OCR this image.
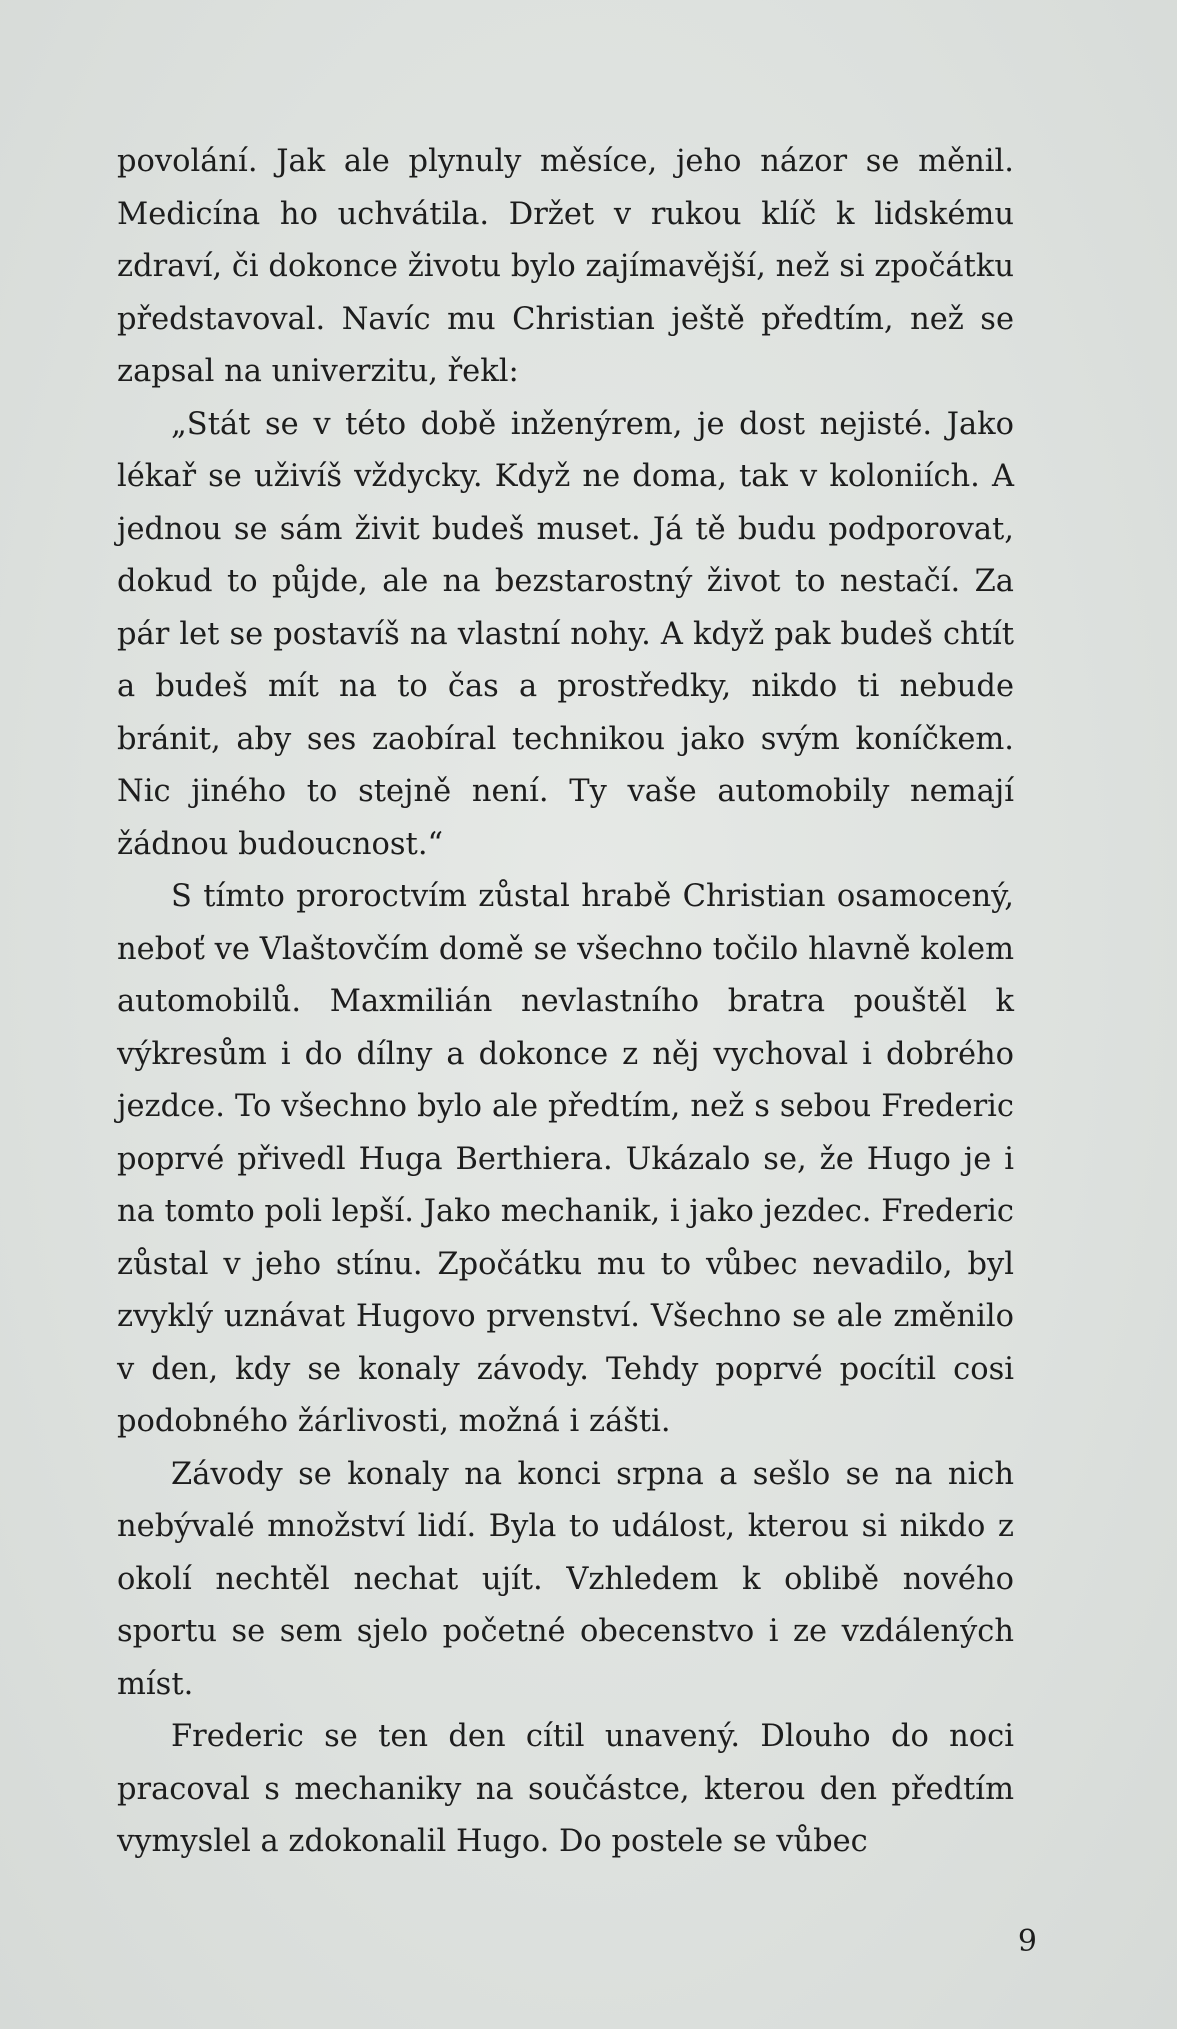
povolání. Jak ale plynuly měsíce, jeho názor se měnil. Medicína ho uchvátila. Držet v rukou klíč k lidskému zdraví, či dokonce životu bylo zajímavější, než si zpočátku představoval. Navíc mu Christian ještě předtím, než se zapsal na univerzitu, řekl:

„Stát se v této době inženýrem, je dost nejisté. Jako lékař se uživíš vždycky. Když ne doma, tak v koloniích. A jednou se sám živit budeš muset. Já tě budu podporovat, dokud to půjde, ale na bezstarostný život to nestačí. Za pár let se postavíš na vlastní nohy. A když pak budeš chtít a budeš mít na to čas a prostředky, nikdo ti nebude bránit, aby ses zaobíral technikou jako svým koníčkem. Nic jiného to stejně není. Ty vaše automobily nemají žádnou budoucnost.“

S tímto proroctvím zůstal hrabě Christian osamocený, neboť ve Vlaštovčím domě se všechno točilo hlavně kolem automobilů. Maxmilián nevlastního bratra pouštěl k výkresům i do dílny a dokonce z něj vychoval i dobrého jezdce. To všechno bylo ale předtím, než s sebou Frederic poprvé přivedl Huga Berthiera. Ukázalo se, že Hugo je i na tomto poli lepší. Jako mechanik, i jako jezdec. Frederic zůstal v jeho stínu. Zpočátku mu to vůbec nevadilo, byl zvyklý uznávat Hugovo prvenství. Všechno se ale změnilo v den, kdy se konaly závody. Tehdy poprvé pocítil cosi podobného žárlivosti, možná i zášti.

Závody se konaly na konci srpna a sešlo se na nich nebývalé množství lidí. Byla to událost, kterou si nikdo z okolí nechtěl nechat ujít. Vzhledem k oblibě nového sportu se sem sjelo početné obecenstvo i ze vzdálených míst.

Frederic se ten den cítil unavený. Dlouho do noci pracoval s mechaniky na součástce, kterou den předtím vymyslel a zdokonalil Hugo. Do postele se vůbec

9
